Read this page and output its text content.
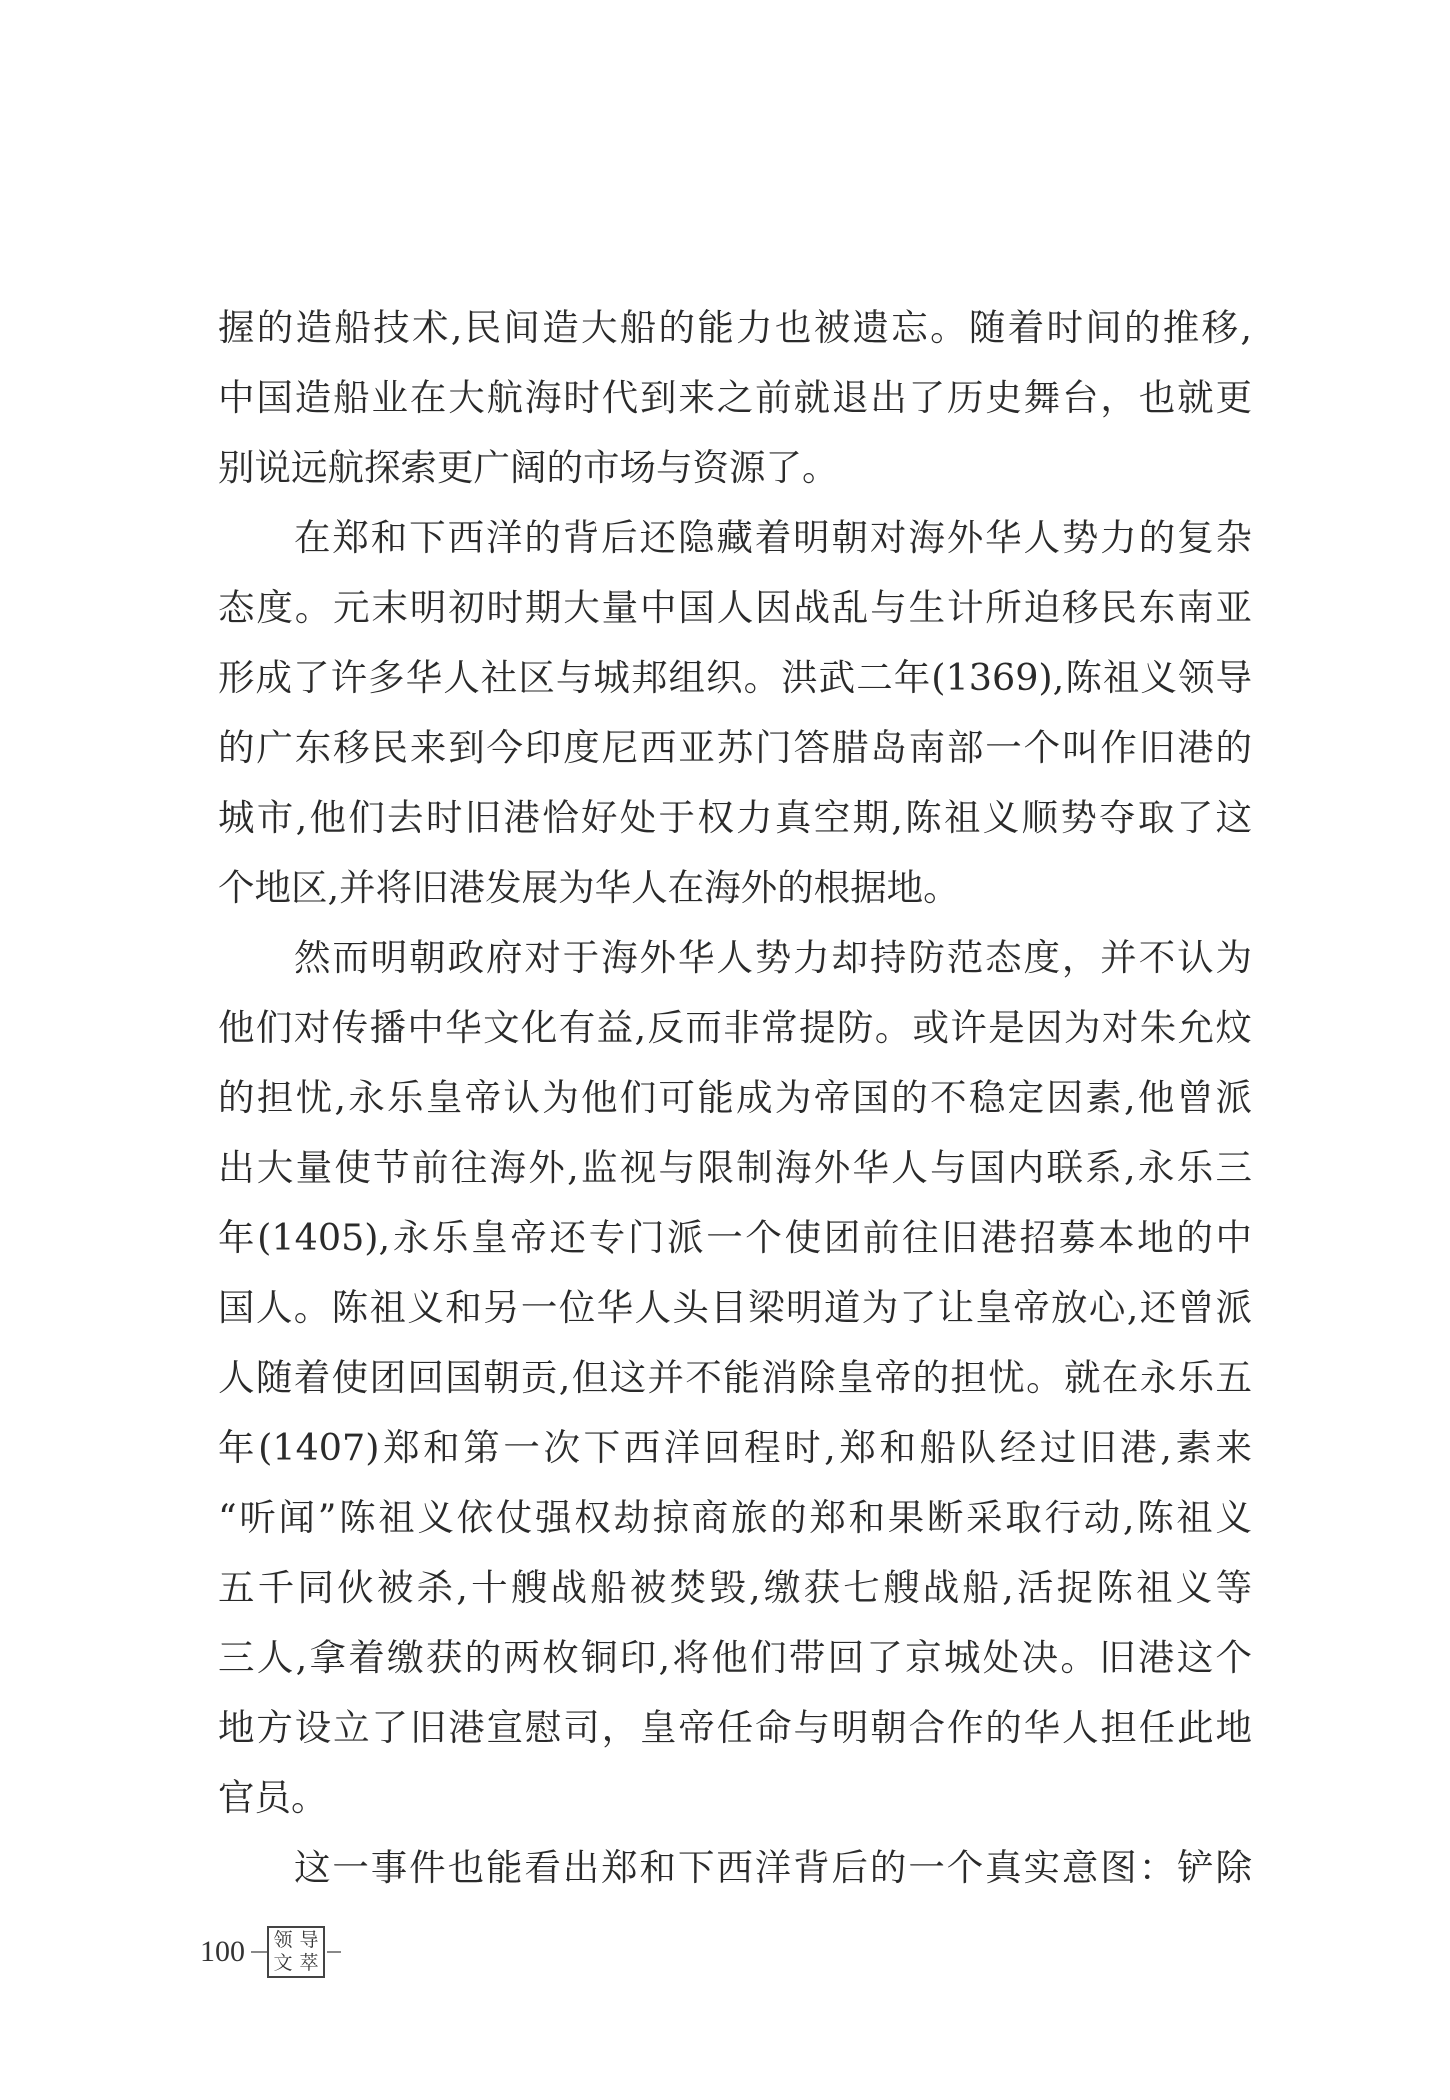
握的造船技术,民间造大船的能力也被遗忘。随着时间的推移,
中国造船业在大航海时代到来之前就退出了历史舞台，也就更
别说远航探索更广阔的市场与资源了。
在郑和下西洋的背后还隐藏着明朝对海外华人势力的复杂
态度。元末明初时期大量中国人因战乱与生计所迫移民东南亚
形成了许多华人社区与城邦组织。洪武二年(1369),陈祖义领导
的广东移民来到今印度尼西亚苏门答腊岛南部一个叫作旧港的
城市,他们去时旧港恰好处于权力真空期,陈祖义顺势夺取了这
个地区,并将旧港发展为华人在海外的根据地。
然而明朝政府对于海外华人势力却持防范态度，并不认为
他们对传播中华文化有益,反而非常提防。或许是因为对朱允炆
的担忧,永乐皇帝认为他们可能成为帝国的不稳定因素,他曾派
出大量使节前往海外,监视与限制海外华人与国内联系,永乐三
年(1405),永乐皇帝还专门派一个使团前往旧港招募本地的中
国人。陈祖义和另一位华人头目梁明道为了让皇帝放心,还曾派
人随着使团回国朝贡,但这并不能消除皇帝的担忧。就在永乐五
年(1407)郑和第一次下西洋回程时,郑和船队经过旧港,素来
“听闻”陈祖义依仗强权劫掠商旅的郑和果断采取行动,陈祖义
五千同伙被杀,十艘战船被焚毁,缴获七艘战船,活捉陈祖义等
三人,拿着缴获的两枚铜印,将他们带回了京城处决。旧港这个
地方设立了旧港宣慰司，皇帝任命与明朝合作的华人担任此地
官员。
这一事件也能看出郑和下西洋背后的一个真实意图：铲除
100 领 导
文 萃
